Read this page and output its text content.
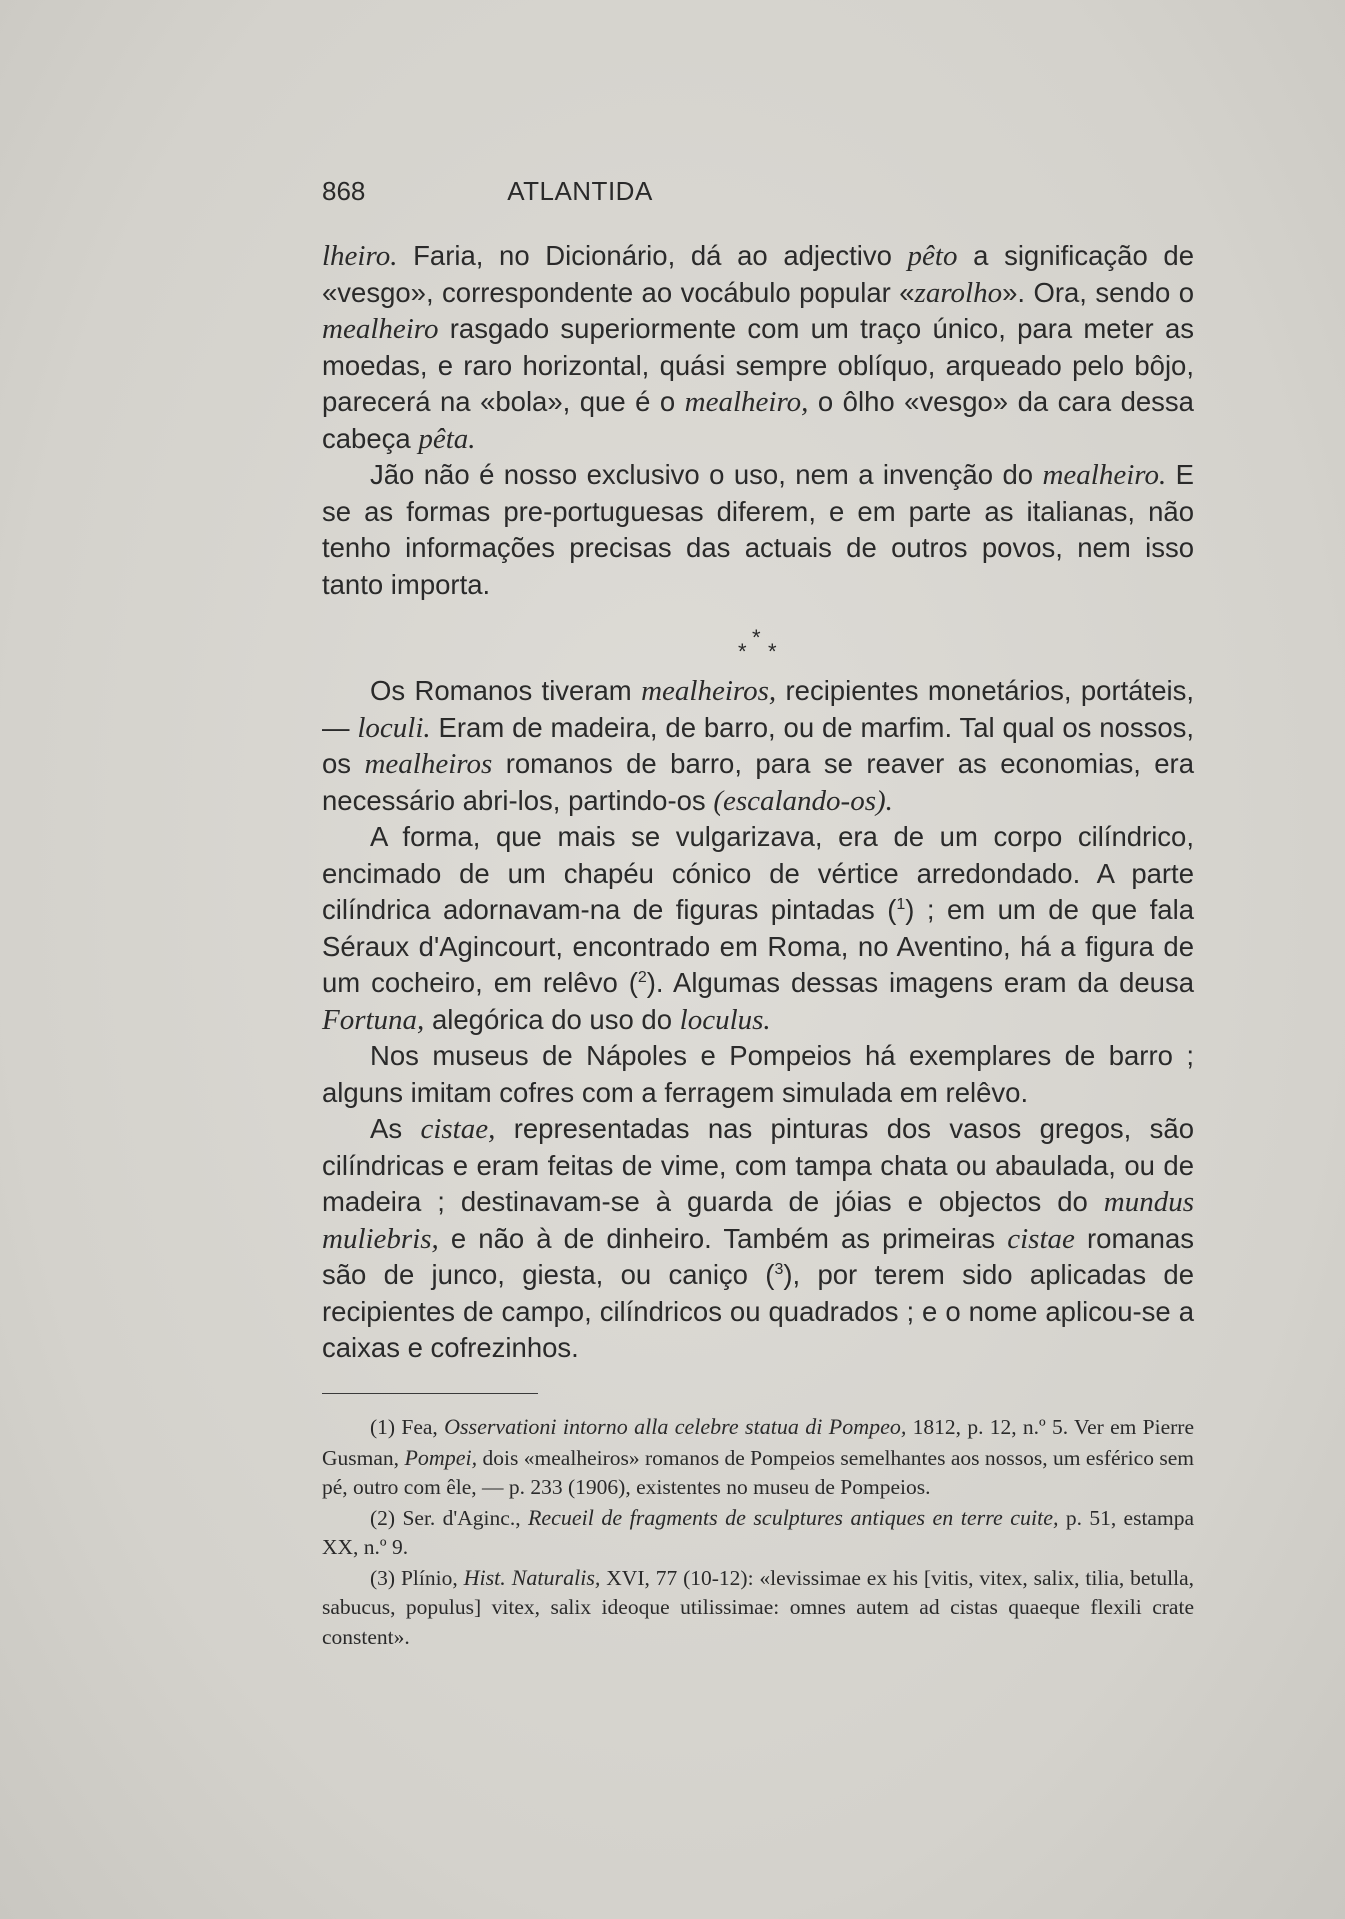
868	ATLANTIDA

lheiro. Faria, no Dicionário, dá ao adjectivo pêto a significação de «vesgo», correspondente ao vocábulo popular «zarolho». Ora, sendo o mealheiro rasgado superiormente com um traço único, para meter as moedas, e raro horizontal, quási sempre oblíquo, arqueado pelo bôjo, parecerá na «bola», que é o mealheiro, o ôlho «vesgo» da cara dessa cabeça pêta.

Jão não é nosso exclusivo o uso, nem a invenção do mealheiro. E se as formas pre-portuguesas diferem, e em parte as italianas, não tenho informações precisas das actuais de outros povos, nem isso tanto importa.

*
* *

Os Romanos tiveram mealheiros, recipientes monetários, portáteis, — loculi. Eram de madeira, de barro, ou de marfim. Tal qual os nossos, os mealheiros romanos de barro, para se reaver as economias, era necessário abri-los, partindo-os (escalando-os).

A forma, que mais se vulgarizava, era de um corpo cilíndrico, encimado de um chapéu cónico de vértice arredondado. A parte cilíndrica adornavam-na de figuras pintadas ($^1$) ; em um de que fala Séraux d'Agincourt, encontrado em Roma, no Aventino, há a figura de um cocheiro, em relêvo ($^2$). Algumas dessas imagens eram da deusa Fortuna, alegórica do uso do loculus.

Nos museus de Nápoles e Pompeios há exemplares de barro ; alguns imitam cofres com a ferragem simulada em relêvo.

As cistae, representadas nas pinturas dos vasos gregos, são cilíndricas e eram feitas de vime, com tampa chata ou abaulada, ou de madeira ; destinavam-se à guarda de jóias e objectos do mundus muliebris, e não à de dinheiro. Também as primeiras cistae romanas são de junco, giesta, ou caniço ($^3$), por terem sido aplicadas de recipientes de campo, cilíndricos ou quadrados ; e o nome aplicou-se a caixas e cofrezinhos.

(1) Fea, Osservationi intorno alla celebre statua di Pompeo, 1812, p. 12, n.º 5. Ver em Pierre Gusman, Pompei, dois «mealheiros» romanos de Pompeios semelhantes aos nossos, um esférico sem pé, outro com êle, — p. 233 (1906), existentes no museu de Pompeios.

(2) Ser. d'Aginc., Recueil de fragments de sculptures antiques en terre cuite, p. 51, estampa XX, n.º 9.

(3) Plínio, Hist. Naturalis, XVI, 77 (10-12): «levissimae ex his [vitis, vitex, salix, tilia, betulla, sabucus, populus] vitex, salix ideoque utilissimae: omnes autem ad cistas quaeque flexili crate constent».
